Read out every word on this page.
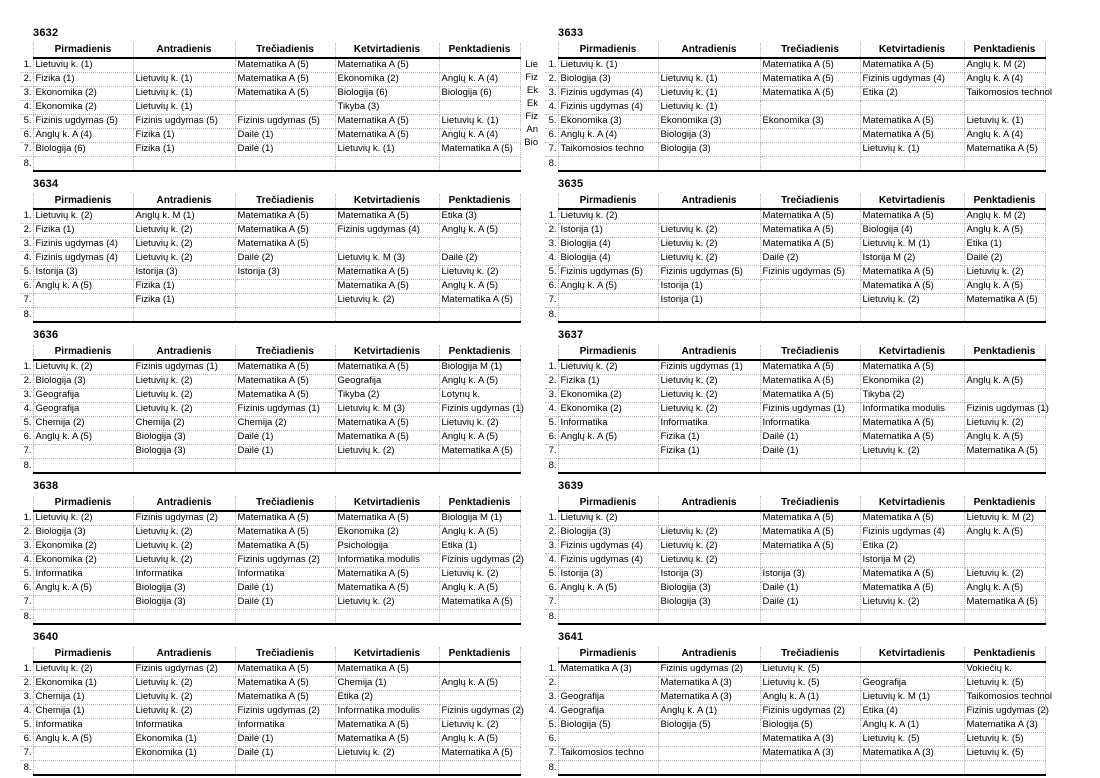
3632
	Pirmadienis	Antradienis	Trečiadienis	Ketvirtadienis	Penktadienis
1.	Lietuvių k. (1)		Matematika A (5)	Matematika A (5)	
2.	Fizika (1)	Lietuvių k. (1)	Matematika A (5)	Ekonomika (2)	Anglų k. A (4)
3.	Ekonomika (2)	Lietuvių k. (1)	Matematika A (5)	Biologija (6)	Biologija (6)
4.	Ekonomika (2)	Lietuvių k. (1)		Tikyba (3)	
5.	Fizinis ugdymas (5)	Fizinis ugdymas (5)	Fizinis ugdymas (5)	Matematika A (5)	Lietuvių k. (1)
6.	Anglų k. A (4)	Fizika (1)	Dailė (1)	Matematika A (5)	Anglų k. A (4)
7.	Biologija (6)	Fizika (1)	Dailė (1)	Lietuvių k. (1)	Matematika A (5)
8.					
3633
	Pirmadienis	Antradienis	Trečiadienis	Ketvirtadienis	Penktadienis
1.	Lietuvių k. (1)		Matematika A (5)	Matematika A (5)	Anglų k. M (2)
2.	Biologija (3)	Lietuvių k. (1)	Matematika A (5)	Fizinis ugdymas (4)	Anglų k. A (4)
3.	Fizinis ugdymas (4)	Lietuvių k. (1)	Matematika A (5)	Etika (2)	Taikomosios technol
4.	Fizinis ugdymas (4)	Lietuvių k. (1)			
5.	Ekonomika (3)	Ekonomika (3)	Ekonomika (3)	Matematika A (5)	Lietuvių k. (1)
6.	Anglų k. A (4)	Biologija (3)		Matematika A (5)	Anglų k. A (4)
7.	Taikomosios techno	Biologija (3)		Lietuvių k. (1)	Matematika A (5)
8.					
3634
	Pirmadienis	Antradienis	Trečiadienis	Ketvirtadienis	Penktadienis
1.	Lietuvių k. (2)	Anglų k. M (1)	Matematika A (5)	Matematika A (5)	Etika (3)
2.	Fizika (1)	Lietuvių k. (2)	Matematika A (5)	Fizinis ugdymas (4)	Anglų k. A (5)
3.	Fizinis ugdymas (4)	Lietuvių k. (2)	Matematika A (5)		
4.	Fizinis ugdymas (4)	Lietuvių k. (2)	Dailė (2)	Lietuvių k. M (3)	Dailė (2)
5.	Istorija (3)	Istorija (3)	Istorija (3)	Matematika A (5)	Lietuvių k. (2)
6.	Anglų k. A (5)	Fizika (1)		Matematika A (5)	Anglų k. A (5)
7.		Fizika (1)		Lietuvių k. (2)	Matematika A (5)
8.					
3635
	Pirmadienis	Antradienis	Trečiadienis	Ketvirtadienis	Penktadienis
1.	Lietuvių k. (2)		Matematika A (5)	Matematika A (5)	Anglų k. M (2)
2.	Istorija (1)	Lietuvių k. (2)	Matematika A (5)	Biologija (4)	Anglų k. A (5)
3.	Biologija (4)	Lietuvių k. (2)	Matematika A (5)	Lietuvių k. M (1)	Etika (1)
4.	Biologija (4)	Lietuvių k. (2)	Dailė (2)	Istorija M (2)	Dailė (2)
5.	Fizinis ugdymas (5)	Fizinis ugdymas (5)	Fizinis ugdymas (5)	Matematika A (5)	Lietuvių k. (2)
6.	Anglų k. A (5)	Istorija (1)		Matematika A (5)	Anglų k. A (5)
7.		Istorija (1)		Lietuvių k. (2)	Matematika A (5)
8.					
3636
	Pirmadienis	Antradienis	Trečiadienis	Ketvirtadienis	Penktadienis
1.	Lietuvių k. (2)	Fizinis ugdymas (1)	Matematika A (5)	Matematika A (5)	Biologija M (1)
2.	Biologija (3)	Lietuvių k. (2)	Matematika A (5)	Geografija	Anglų k. A (5)
3.	Geografija	Lietuvių k. (2)	Matematika A (5)	Tikyba (2)	Lotynų k.
4.	Geografija	Lietuvių k. (2)	Fizinis ugdymas (1)	Lietuvių k. M (3)	Fizinis ugdymas (1)
5.	Chemija (2)	Chemija (2)	Chemija (2)	Matematika A (5)	Lietuvių k. (2)
6.	Anglų k. A (5)	Biologija (3)	Dailė (1)	Matematika A (5)	Anglų k. A (5)
7.		Biologija (3)	Dailė (1)	Lietuvių k. (2)	Matematika A (5)
8.					
3637
	Pirmadienis	Antradienis	Trečiadienis	Ketvirtadienis	Penktadienis
1.	Lietuvių k. (2)	Fizinis ugdymas (1)	Matematika A (5)	Matematika A (5)	
2.	Fizika (1)	Lietuvių k. (2)	Matematika A (5)	Ekonomika (2)	Anglų k. A (5)
3.	Ekonomika (2)	Lietuvių k. (2)	Matematika A (5)	Tikyba (2)	
4.	Ekonomika (2)	Lietuvių k. (2)	Fizinis ugdymas (1)	Informatika modulis	Fizinis ugdymas (1)
5.	Informatika	Informatika	Informatika	Matematika A (5)	Lietuvių k. (2)
6.	Anglų k. A (5)	Fizika (1)	Dailė (1)	Matematika A (5)	Anglų k. A (5)
7.		Fizika (1)	Dailė (1)	Lietuvių k. (2)	Matematika A (5)
8.					
3638
	Pirmadienis	Antradienis	Trečiadienis	Ketvirtadienis	Penktadienis
1.	Lietuvių k. (2)	Fizinis ugdymas (2)	Matematika A (5)	Matematika A (5)	Biologija M (1)
2.	Biologija (3)	Lietuvių k. (2)	Matematika A (5)	Ekonomika (2)	Anglų k. A (5)
3.	Ekonomika (2)	Lietuvių k. (2)	Matematika A (5)	Psichologija	Etika (1)
4.	Ekonomika (2)	Lietuvių k. (2)	Fizinis ugdymas (2)	Informatika modulis	Fizinis ugdymas (2)
5.	Informatika	Informatika	Informatika	Matematika A (5)	Lietuvių k. (2)
6.	Anglų k. A (5)	Biologija (3)	Dailė (1)	Matematika A (5)	Anglų k. A (5)
7.		Biologija (3)	Dailė (1)	Lietuvių k. (2)	Matematika A (5)
8.					
3639
	Pirmadienis	Antradienis	Trečiadienis	Ketvirtadienis	Penktadienis
1.	Lietuvių k. (2)		Matematika A (5)	Matematika A (5)	Lietuvių k. M (2)
2.	Biologija (3)	Lietuvių k. (2)	Matematika A (5)	Fizinis ugdymas (4)	Anglų k. A (5)
3.	Fizinis ugdymas (4)	Lietuvių k. (2)	Matematika A (5)	Etika (2)	
4.	Fizinis ugdymas (4)	Lietuvių k. (2)		Istorija M (2)	
5.	Istorija (3)	Istorija (3)	Istorija (3)	Matematika A (5)	Lietuvių k. (2)
6.	Anglų k. A (5)	Biologija (3)	Dailė (1)	Matematika A (5)	Anglų k. A (5)
7.		Biologija (3)	Dailė (1)	Lietuvių k. (2)	Matematika A (5)
8.					
3640
	Pirmadienis	Antradienis	Trečiadienis	Ketvirtadienis	Penktadienis
1.	Lietuvių k. (2)	Fizinis ugdymas (2)	Matematika A (5)	Matematika A (5)	
2.	Ekonomika (1)	Lietuvių k. (2)	Matematika A (5)	Chemija (1)	Anglų k. A (5)
3.	Chemija (1)	Lietuvių k. (2)	Matematika A (5)	Etika (2)	
4.	Chemija (1)	Lietuvių k. (2)	Fizinis ugdymas (2)	Informatika modulis	Fizinis ugdymas (2)
5.	Informatika	Informatika	Informatika	Matematika A (5)	Lietuvių k. (2)
6.	Anglų k. A (5)	Ekonomika (1)	Dailė (1)	Matematika A (5)	Anglų k. A (5)
7.		Ekonomika (1)	Dailė (1)	Lietuvių k. (2)	Matematika A (5)
8.					
3641
	Pirmadienis	Antradienis	Trečiadienis	Ketvirtadienis	Penktadienis
1.	Matematika A (3)	Fizinis ugdymas (2)	Lietuvių k. (5)		Vokiečių k.
2.		Matematika A (3)	Lietuvių k. (5)	Geografija	Lietuvių k. (5)
3.	Geografija	Matematika A (3)	Anglų k. A (1)	Lietuvių k. M (1)	Taikomosios technol
4.	Geografija	Anglų k. A (1)	Fizinis ugdymas (2)	Etika (4)	Fizinis ugdymas (2)
5.	Biologija (5)	Biologija (5)	Biologija (5)	Anglų k. A (1)	Matematika A (3)
6.			Matematika A (3)	Lietuvių k. (5)	Lietuvių k. (5)
7.	Taikomosios techno		Matematika A (3)	Matematika A (3)	Lietuvių k. (5)
8.					
Lie
Fiz
Ek
Ek
Fiz
An
Bio
